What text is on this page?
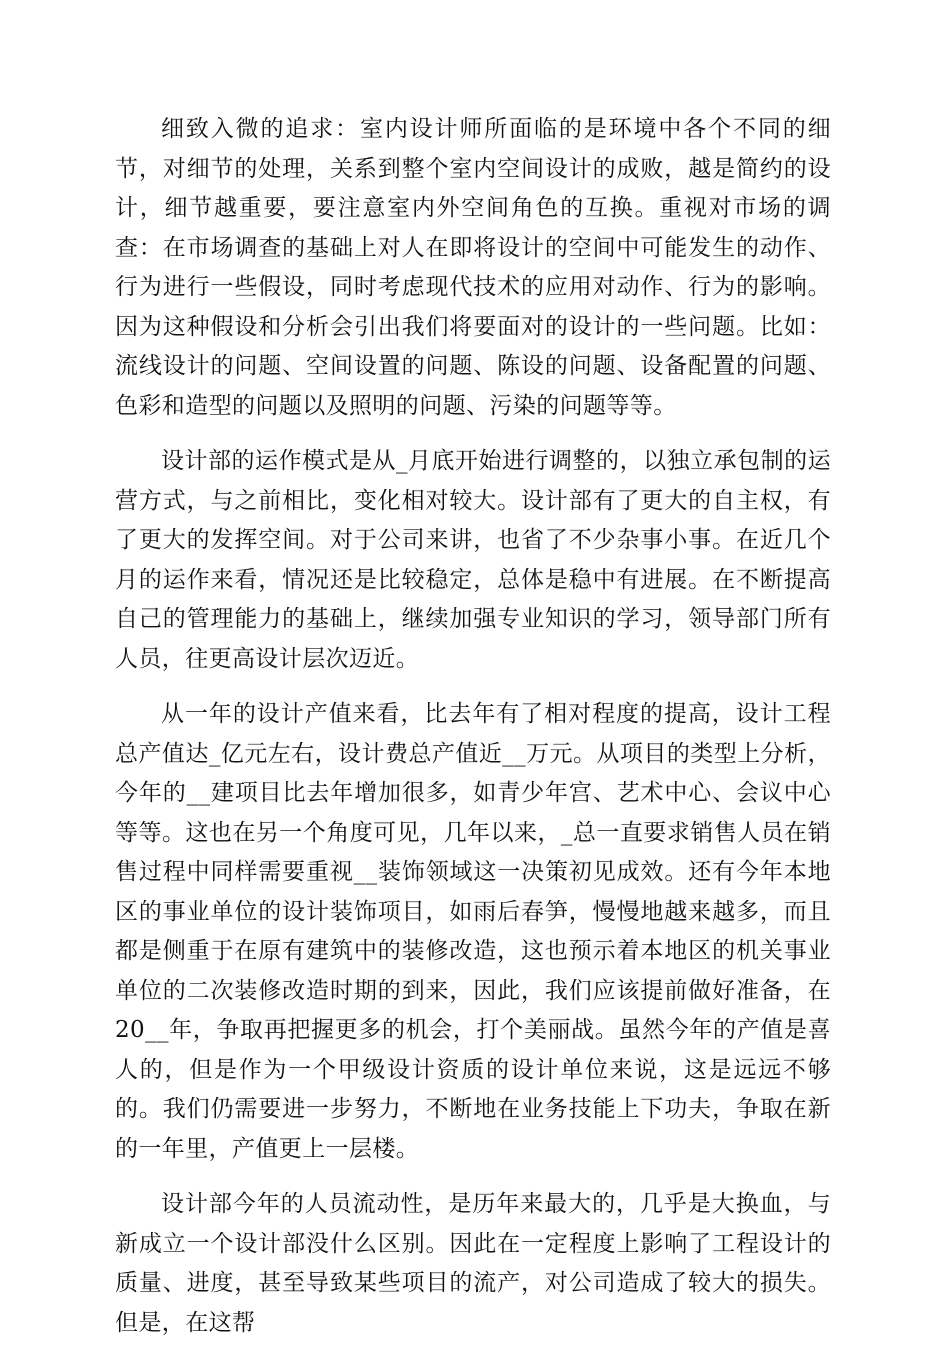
细致入微的追求：室内设计师所面临的是环境中各个不同的细节，对细节的处理，关系到整个室内空间设计的成败，越是简约的设计，细节越重要，要注意室内外空间角色的互换。重视对市场的调查：在市场调查的基础上对人在即将设计的空间中可能发生的动作、行为进行一些假设，同时考虑现代技术的应用对动作、行为的影响。因为这种假设和分析会引出我们将要面对的设计的一些问题。比如：流线设计的问题、空间设置的问题、陈设的问题、设备配置的问题、色彩和造型的问题以及照明的问题、污染的问题等等。

设计部的运作模式是从_月底开始进行调整的，以独立承包制的运营方式，与之前相比，变化相对较大。设计部有了更大的自主权，有了更大的发挥空间。对于公司来讲，也省了不少杂事小事。在近几个月的运作来看，情况还是比较稳定，总体是稳中有进展。在不断提高自己的管理能力的基础上，继续加强专业知识的学习，领导部门所有人员，往更高设计层次迈近。

从一年的设计产值来看，比去年有了相对程度的提高，设计工程总产值达_亿元左右，设计费总产值近__万元。从项目的类型上分析，今年的__建项目比去年增加很多，如青少年宫、艺术中心、会议中心等等。这也在另一个角度可见，几年以来，_总一直要求销售人员在销售过程中同样需要重视__装饰领域这一决策初见成效。还有今年本地区的事业单位的设计装饰项目，如雨后春笋，慢慢地越来越多，而且都是侧重于在原有建筑中的装修改造，这也预示着本地区的机关事业单位的二次装修改造时期的到来，因此，我们应该提前做好准备，在20__年，争取再把握更多的机会，打个美丽战。虽然今年的产值是喜人的，但是作为一个甲级设计资质的设计单位来说，这是远远不够的。我们仍需要进一步努力，不断地在业务技能上下功夫，争取在新的一年里，产值更上一层楼。

设计部今年的人员流动性，是历年来最大的，几乎是大换血，与新成立一个设计部没什么区别。因此在一定程度上影响了工程设计的质量、进度，甚至导致某些项目的流产，对公司造成了较大的损失。但是，在这帮
